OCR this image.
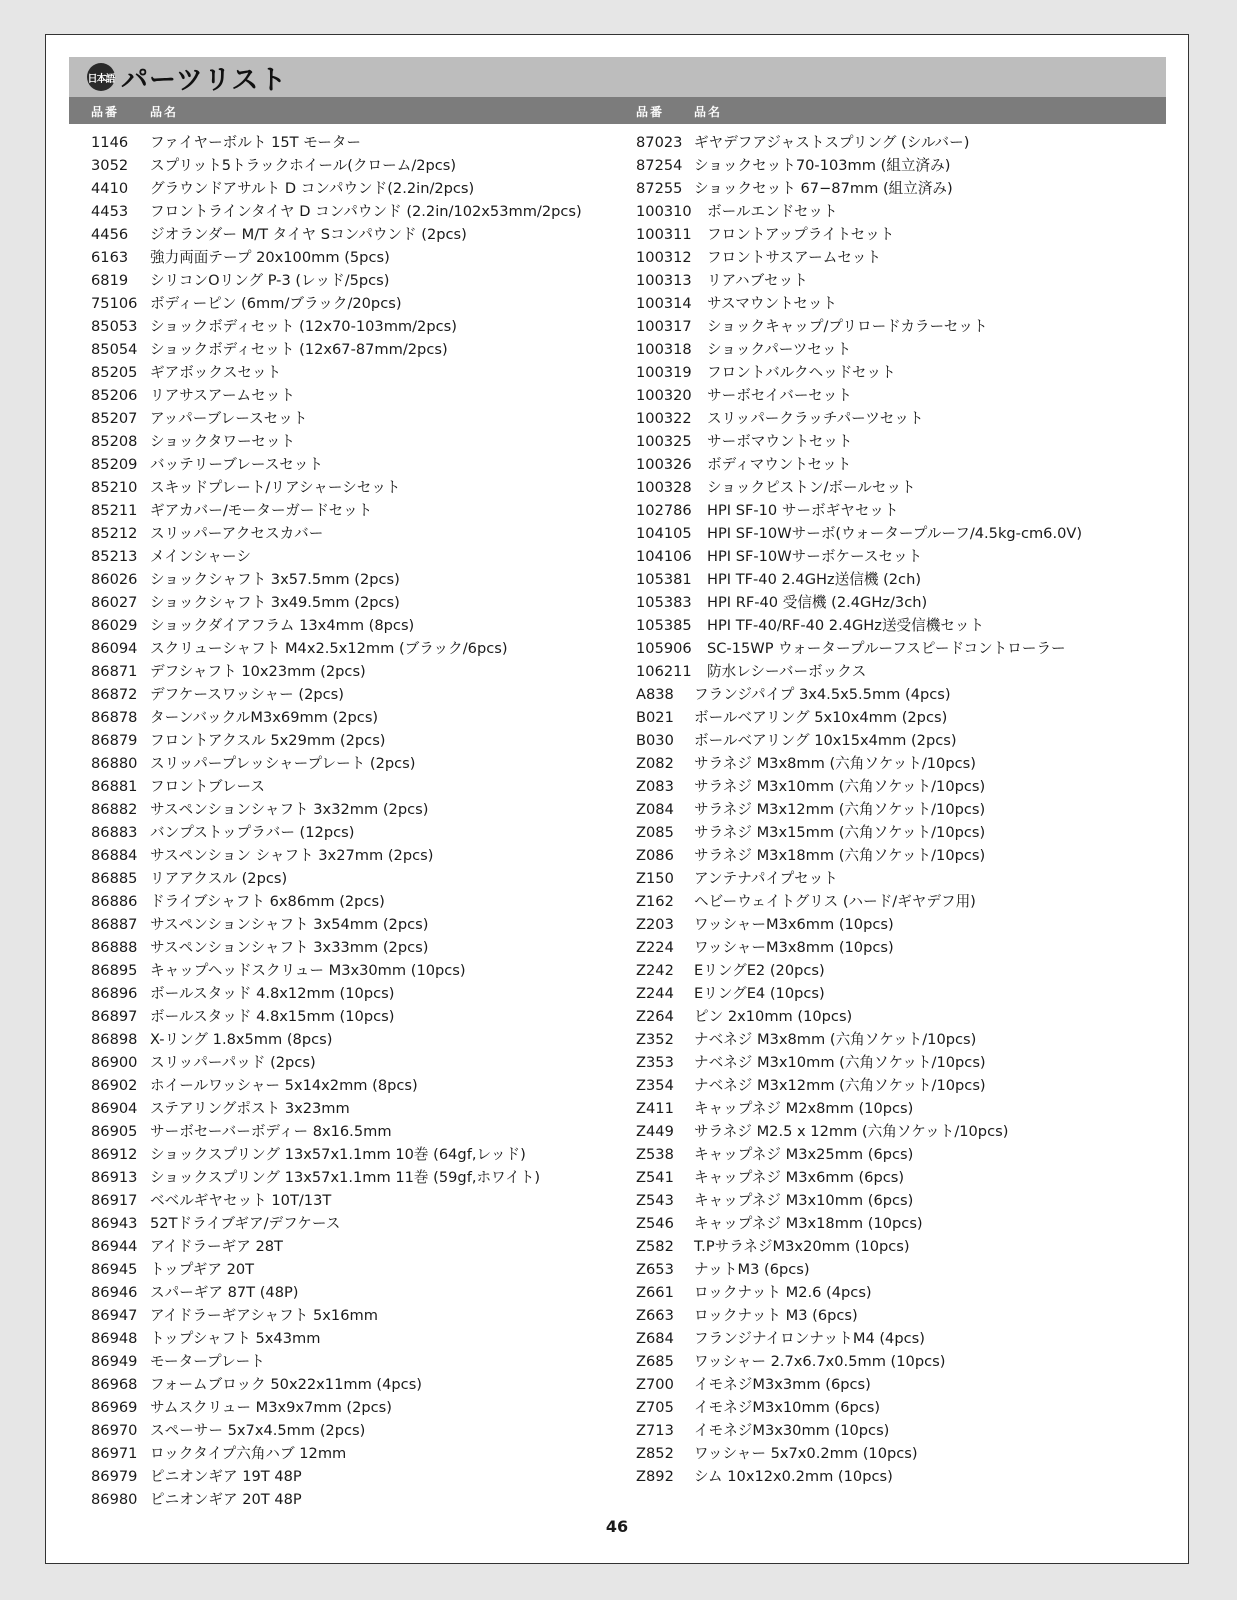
日本語 パーツリスト
品番	品名	品番 品名
1146 ファイヤーボルト 15T モーター
3052 スプリット5トラックホイール(クローム/2pcs)
4410 グラウンドアサルト D コンパウンド(2.2in/2pcs)
4453 フロントラインタイヤ D コンパウンド (2.2in/102x53mm/2pcs)
4456 ジオランダー M/T タイヤ Sコンパウンド (2pcs)
6163 強力両面テープ 20x100mm (5pcs)
6819 シリコンOリング P-3 (レッド/5pcs)
75106 ボディーピン (6mm/ブラック/20pcs)
85053 ショックボディセット (12x70-103mm/2pcs)
85054 ショックボディセット (12x67-87mm/2pcs)
85205 ギアボックスセット
85206 リアサスアームセット
85207 アッパーブレースセット
85208 ショックタワーセット
85209 バッテリーブレースセット
85210 スキッドプレート/リアシャーシセット
85211 ギアカバー/モーターガードセット
85212 スリッパーアクセスカバー
85213 メインシャーシ
86026 ショックシャフト 3x57.5mm (2pcs)
86027 ショックシャフト 3x49.5mm (2pcs)
86029 ショックダイアフラム 13x4mm (8pcs)
86094 スクリューシャフト M4x2.5x12mm (ブラック/6pcs)
86871 デフシャフト 10x23mm (2pcs)
86872 デフケースワッシャー (2pcs)
86878 ターンバックルM3x69mm (2pcs)
86879 フロントアクスル 5x29mm (2pcs)
86880 スリッパープレッシャープレート (2pcs)
86881 フロントブレース
86882 サスペンションシャフト 3x32mm (2pcs)
86883 バンプストップラバー (12pcs)
86884 サスペンション シャフト 3x27mm (2pcs)
86885 リアアクスル (2pcs)
86886 ドライブシャフト 6x86mm (2pcs)
86887 サスペンションシャフト 3x54mm (2pcs)
86888 サスペンションシャフト 3x33mm (2pcs)
86895 キャップヘッドスクリュー M3x30mm (10pcs)
86896 ボールスタッド 4.8x12mm (10pcs)
86897 ボールスタッド 4.8x15mm (10pcs)
86898 X-リング 1.8x5mm (8pcs)
86900 スリッパーパッド (2pcs)
86902 ホイールワッシャー 5x14x2mm (8pcs)
86904 ステアリングポスト 3x23mm
86905 サーボセーバーボディー 8x16.5mm
86912 ショックスプリング 13x57x1.1mm 10巻 (64gf,レッド)
86913 ショックスプリング 13x57x1.1mm 11巻 (59gf,ホワイト)
86917 ベベルギヤセット 10T/13T
86943 52Tドライブギア/デフケース
86944 アイドラーギア 28T
86945 トップギア 20T
86946 スパーギア 87T (48P)
86947 アイドラーギアシャフト 5x16mm
86948 トップシャフト 5x43mm
86949 モータープレート
86968 フォームブロック 50x22x11mm (4pcs)
86969 サムスクリュー M3x9x7mm (2pcs)
86970 スペーサー 5x7x4.5mm (2pcs)
86971 ロックタイプ六角ハブ 12mm
86979 ピニオンギア 19T 48P
86980 ピニオンギア 20T 48P
87023 ギヤデフアジャストスプリング (シルバー)
87254 ショックセット70-103mm (組立済み)
87255 ショックセット 67−87mm (組立済み)
100310 ボールエンドセット
100311 フロントアップライトセット
100312 フロントサスアームセット
100313 リアハブセット
100314 サスマウントセット
100317 ショックキャップ/プリロードカラーセット
100318 ショックパーツセット
100319 フロントバルクヘッドセット
100320 サーボセイバーセット
100322 スリッパークラッチパーツセット
100325 サーボマウントセット
100326 ボディマウントセット
100328 ショックピストン/ボールセット
102786 HPI SF-10 サーボギヤセット
104105 HPI SF-10Wサーボ(ウォータープルーフ/4.5kg-cm6.0V)
104106 HPI SF-10Wサーボケースセット
105381 HPI TF-40 2.4GHz送信機 (2ch)
105383 HPI RF-40 受信機 (2.4GHz/3ch)
105385 HPI TF-40/RF-40 2.4GHz送受信機セット
105906 SC-15WP ウォータープルーフスピードコントローラー
106211 防水レシーバーボックス
A838 フランジパイプ 3x4.5x5.5mm (4pcs)
B021 ボールベアリング 5x10x4mm (2pcs)
B030 ボールベアリング 10x15x4mm (2pcs)
Z082 サラネジ M3x8mm (六角ソケット/10pcs)
Z083 サラネジ M3x10mm (六角ソケット/10pcs)
Z084 サラネジ M3x12mm (六角ソケット/10pcs)
Z085 サラネジ M3x15mm (六角ソケット/10pcs)
Z086 サラネジ M3x18mm (六角ソケット/10pcs)
Z150 アンテナパイプセット
Z162 ヘビーウェイトグリス (ハード/ギヤデフ用)
Z203 ワッシャーM3x6mm (10pcs)
Z224 ワッシャーM3x8mm (10pcs)
Z242 EリングE2 (20pcs)
Z244 EリングE4 (10pcs)
Z264 ピン 2x10mm (10pcs)
Z352 ナベネジ M3x8mm (六角ソケット/10pcs)
Z353 ナベネジ M3x10mm (六角ソケット/10pcs)
Z354 ナベネジ M3x12mm (六角ソケット/10pcs)
Z411 キャップネジ M2x8mm (10pcs)
Z449 サラネジ M2.5 x 12mm (六角ソケット/10pcs)
Z538 キャップネジ M3x25mm (6pcs)
Z541 キャップネジ M3x6mm (6pcs)
Z543 キャップネジ M3x10mm (6pcs)
Z546 キャップネジ M3x18mm (10pcs)
Z582 T.PサラネジM3x20mm (10pcs)
Z653 ナットM3 (6pcs)
Z661 ロックナット M2.6 (4pcs)
Z663 ロックナット M3 (6pcs)
Z684 フランジナイロンナットM4 (4pcs)
Z685 ワッシャー 2.7x6.7x0.5mm (10pcs)
Z700 イモネジM3x3mm (6pcs)
Z705 イモネジM3x10mm (6pcs)
Z713 イモネジM3x30mm (10pcs)
Z852 ワッシャー 5x7x0.2mm (10pcs)
Z892 シム 10x12x0.2mm (10pcs)
46
